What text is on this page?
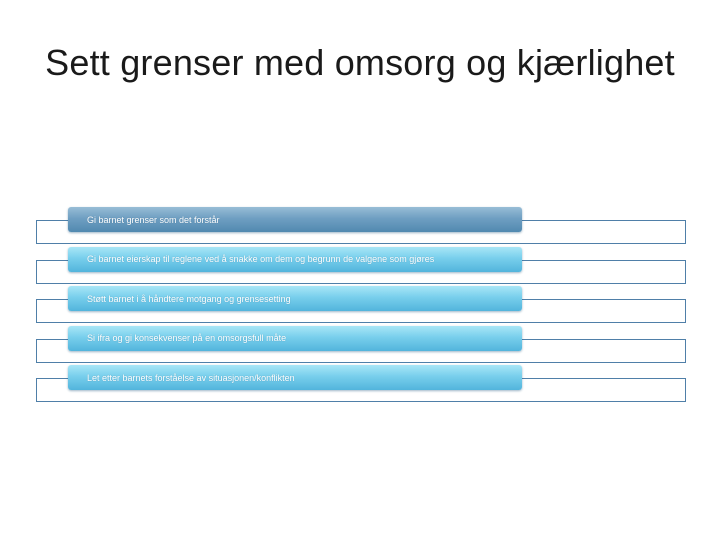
Sett grenser med omsorg og kjærlighet
Gi barnet grenser som det forstår
Gi barnet eierskap til reglene ved å snakke om dem og begrunn de valgene som gjøres
Støtt barnet i å håndtere motgang og grensesetting
Si ifra og gi konsekvenser på en omsorgsfull måte
Let etter barnets forståelse av situasjonen/konflikten
